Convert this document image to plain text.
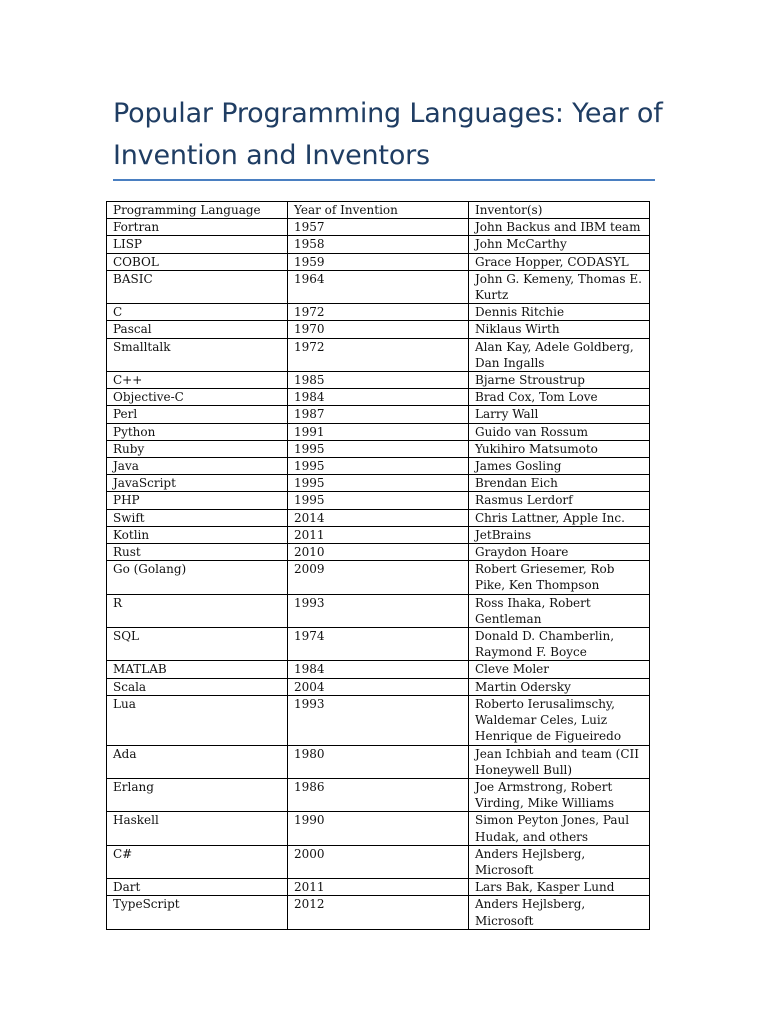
Popular Programming Languages: Year of Invention and Inventors
Programming Language	Year of Invention	Inventor(s)
Fortran	1957	John Backus and IBM team
LISP	1958	John McCarthy
COBOL	1959	Grace Hopper, CODASYL
BASIC	1964	John G. Kemeny, Thomas E. Kurtz
C	1972	Dennis Ritchie
Pascal	1970	Niklaus Wirth
Smalltalk	1972	Alan Kay, Adele Goldberg, Dan Ingalls
C++	1985	Bjarne Stroustrup
Objective-C	1984	Brad Cox, Tom Love
Perl	1987	Larry Wall
Python	1991	Guido van Rossum
Ruby	1995	Yukihiro Matsumoto
Java	1995	James Gosling
JavaScript	1995	Brendan Eich
PHP	1995	Rasmus Lerdorf
Swift	2014	Chris Lattner, Apple Inc.
Kotlin	2011	JetBrains
Rust	2010	Graydon Hoare
Go (Golang)	2009	Robert Griesemer, Rob Pike, Ken Thompson
R	1993	Ross Ihaka, Robert Gentleman
SQL	1974	Donald D. Chamberlin, Raymond F. Boyce
MATLAB	1984	Cleve Moler
Scala	2004	Martin Odersky
Lua	1993	Roberto Ierusalimschy, Waldemar Celes, Luiz Henrique de Figueiredo
Ada	1980	Jean Ichbiah and team (CII Honeywell Bull)
Erlang	1986	Joe Armstrong, Robert Virding, Mike Williams
Haskell	1990	Simon Peyton Jones, Paul Hudak, and others
C#	2000	Anders Hejlsberg, Microsoft
Dart	2011	Lars Bak, Kasper Lund
TypeScript	2012	Anders Hejlsberg, Microsoft
